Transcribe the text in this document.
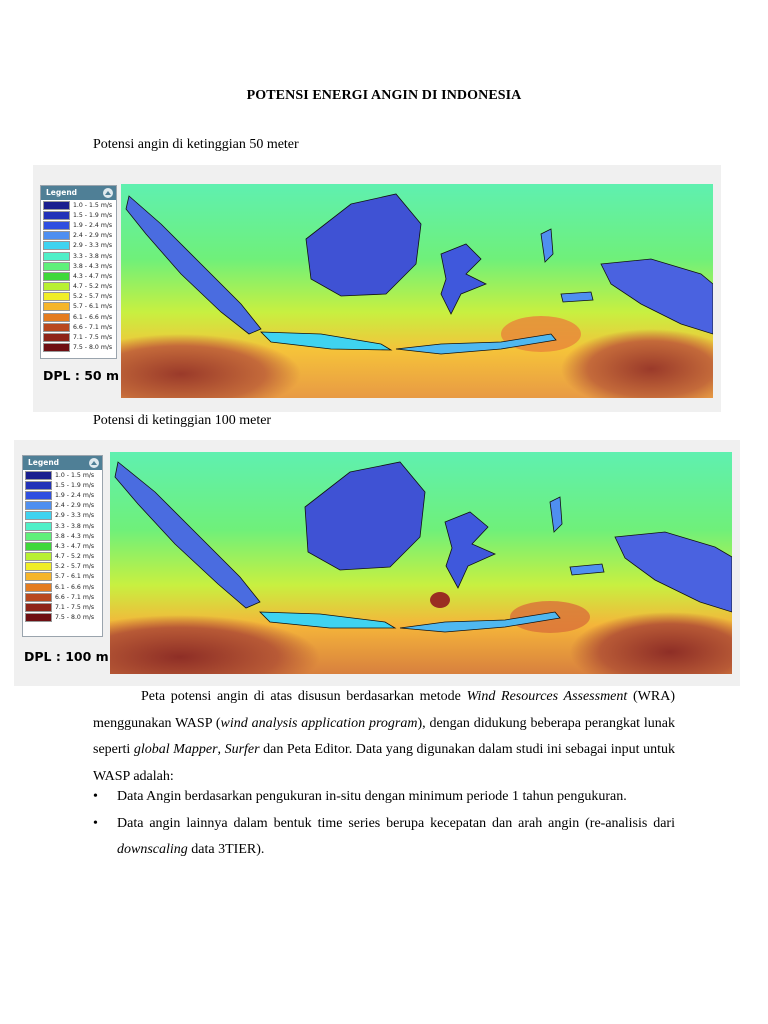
POTENSI ENERGI ANGIN DI INDONESIA
Potensi angin di ketinggian 50 meter
Legend
1.0 - 1.5 m/s
1.5 - 1.9 m/s
1.9 - 2.4 m/s
2.4 - 2.9 m/s
2.9 - 3.3 m/s
3.3 - 3.8 m/s
3.8 - 4.3 m/s
4.3 - 4.7 m/s
4.7 - 5.2 m/s
5.2 - 5.7 m/s
5.7 - 6.1 m/s
6.1 - 6.6 m/s
6.6 - 7.1 m/s
7.1 - 7.5 m/s
7.5 - 8.0 m/s
DPL : 50 m
Potensi di ketinggian 100 meter
Legend
1.0 - 1.5 m/s
1.5 - 1.9 m/s
1.9 - 2.4 m/s
2.4 - 2.9 m/s
2.9 - 3.3 m/s
3.3 - 3.8 m/s
3.8 - 4.3 m/s
4.3 - 4.7 m/s
4.7 - 5.2 m/s
5.2 - 5.7 m/s
5.7 - 6.1 m/s
6.1 - 6.6 m/s
6.6 - 7.1 m/s
7.1 - 7.5 m/s
7.5 - 8.0 m/s
DPL : 100 m

Peta potensi angin di atas disusun berdasarkan metode Wind Resources Assessment (WRA) menggunakan WASP (wind analysis application program), dengan didukung beberapa perangkat lunak seperti global Mapper, Surfer dan Peta Editor. Data yang digunakan dalam studi ini sebagai input untuk WASP adalah:

• Data Angin berdasarkan pengukuran in-situ dengan minimum periode 1 tahun pengukuran.
• Data angin lainnya dalam bentuk time series berupa kecepatan dan arah angin (re-analisis dari downscaling data 3TIER).
